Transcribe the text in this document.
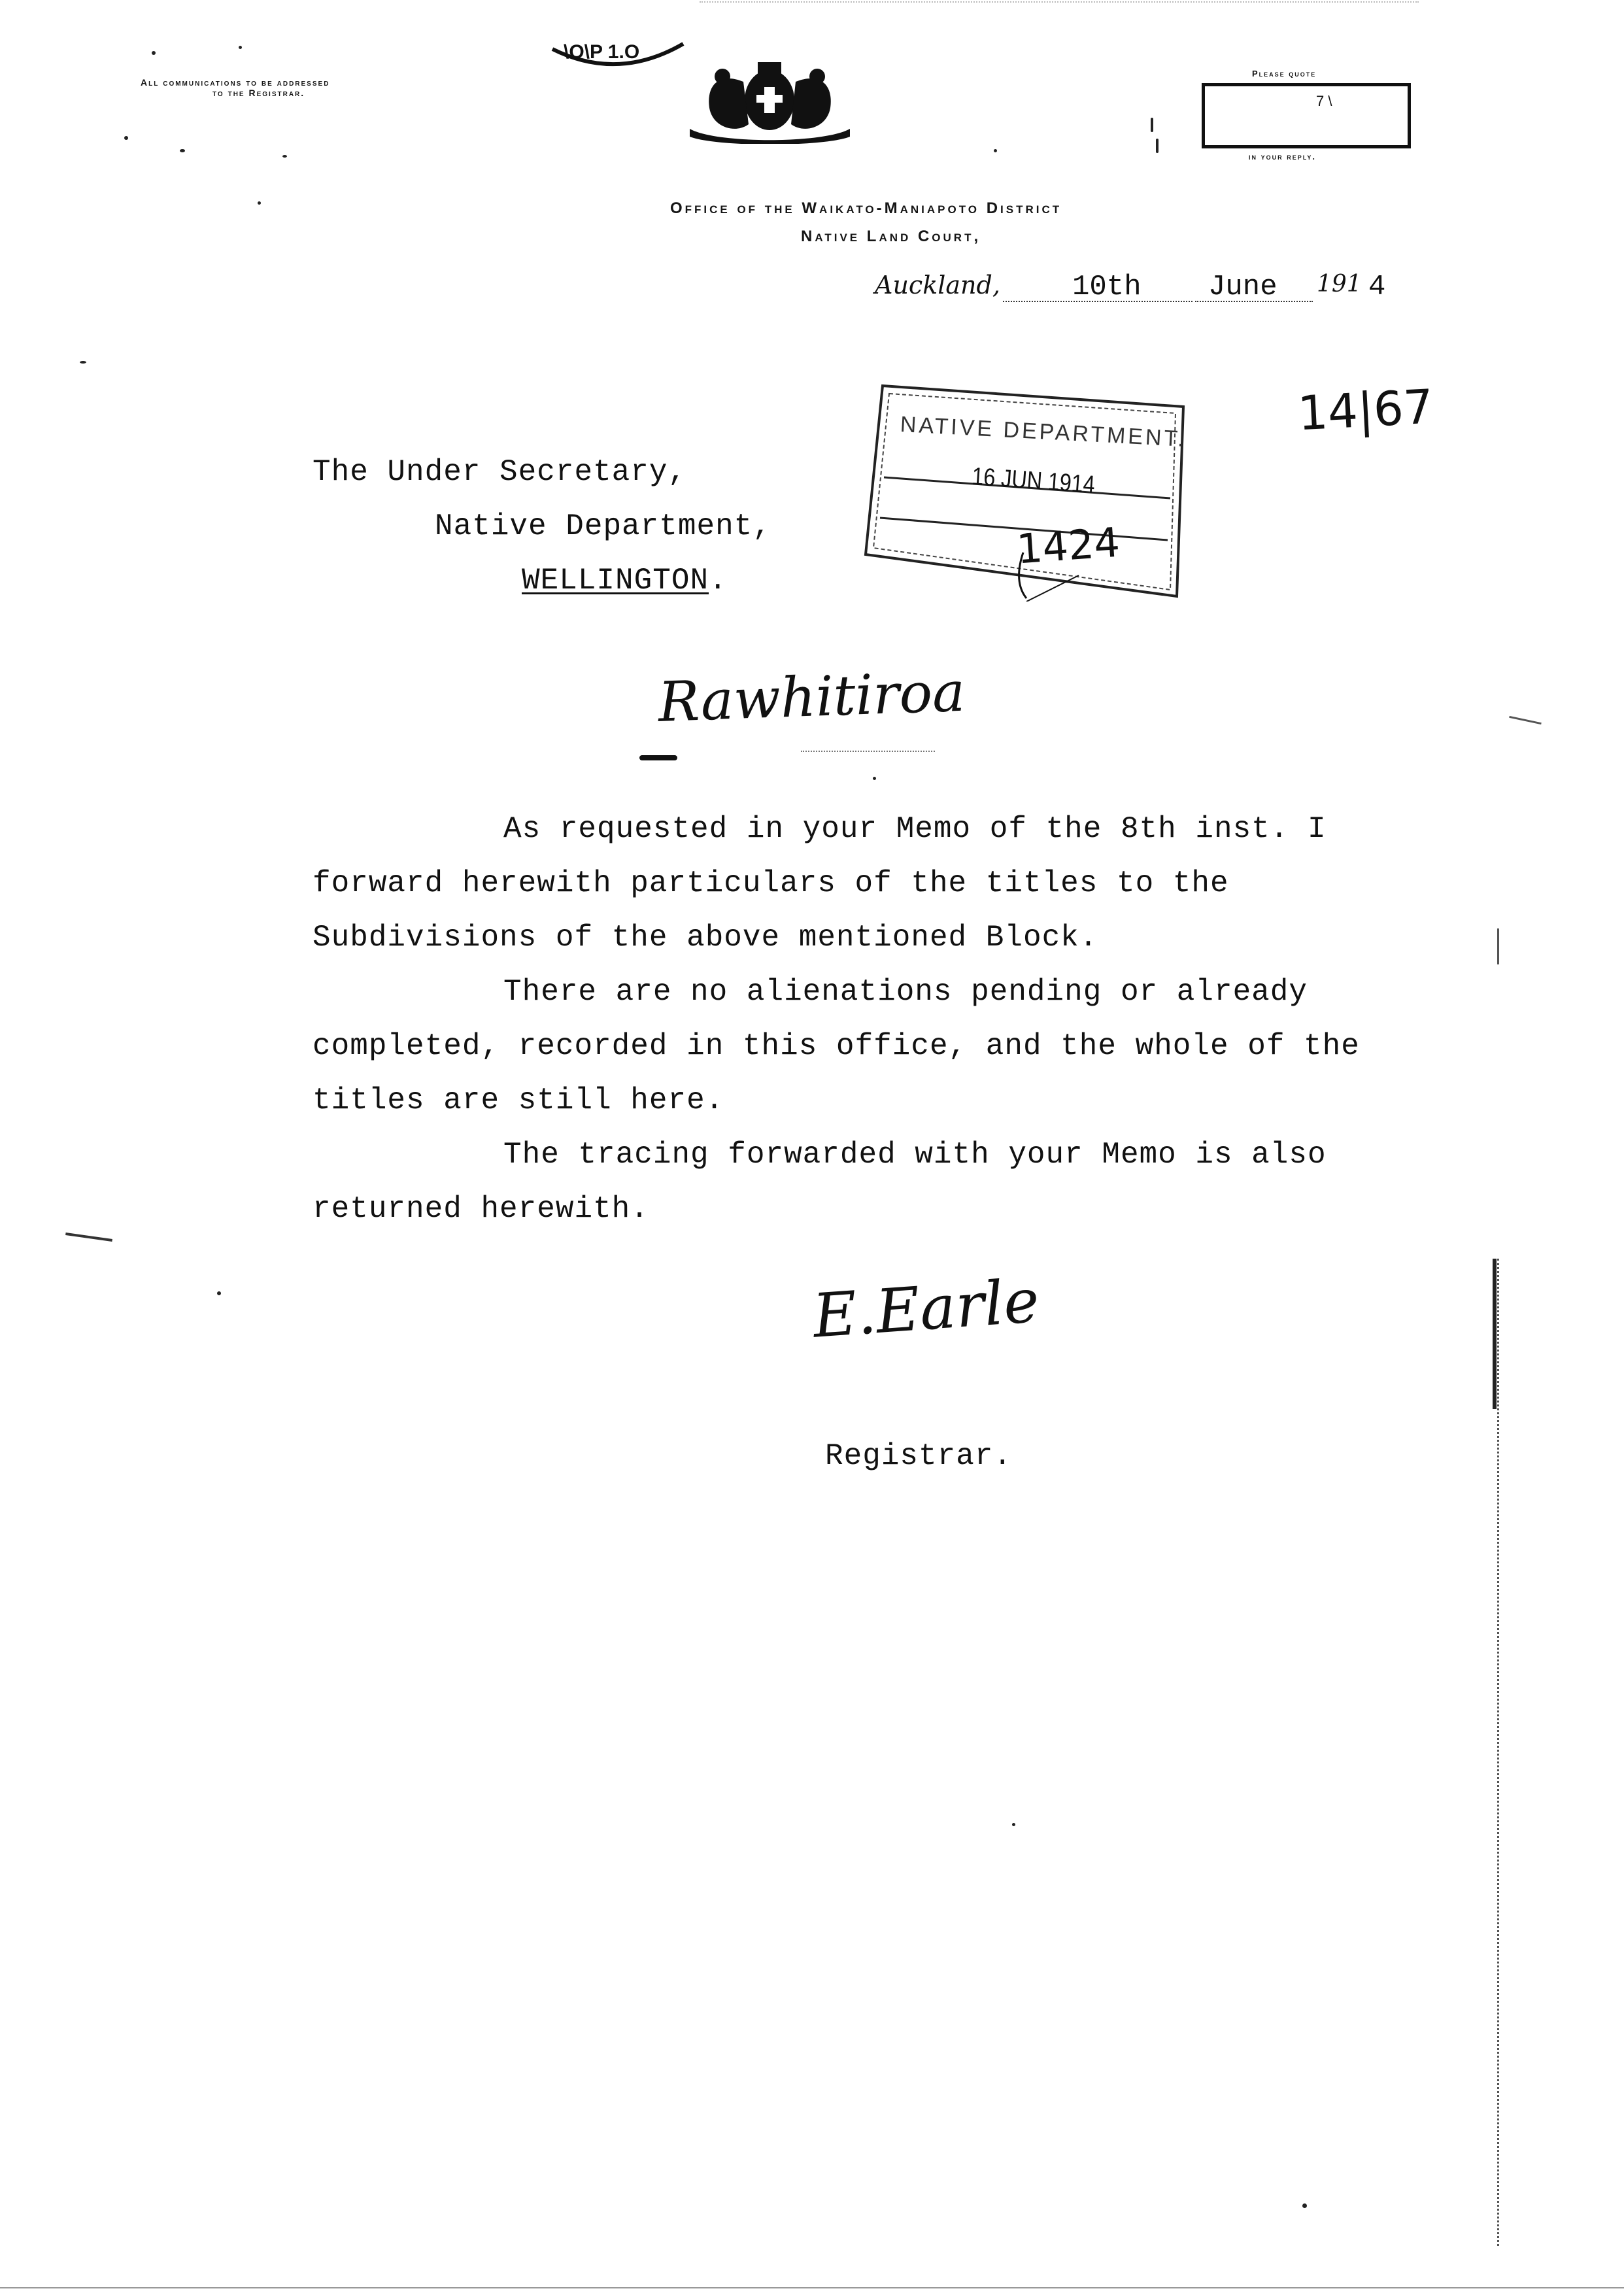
All communications to be addressed
to the Registrar.
\O\P 1.O
Please quote
7 \
in your reply.
Office of the Waikato-Maniapoto District
Native Land Court,
Auckland,	10th June 191 4
14|67
NATIVE DEPARTMENT.
16 JUN 1914
1424
The Under Secretary,
Native Department,
WELLINGTON.
Rawhitiroa
As requested in your Memo of the 8th inst. I
forward herewith particulars of the titles to the
Subdivisions of the above mentioned Block.
There are no alienations pending or already
completed, recorded in this office, and the whole of the
titles are still here.
The tracing forwarded with your Memo is also
returned herewith.
E.Earle
Registrar.
